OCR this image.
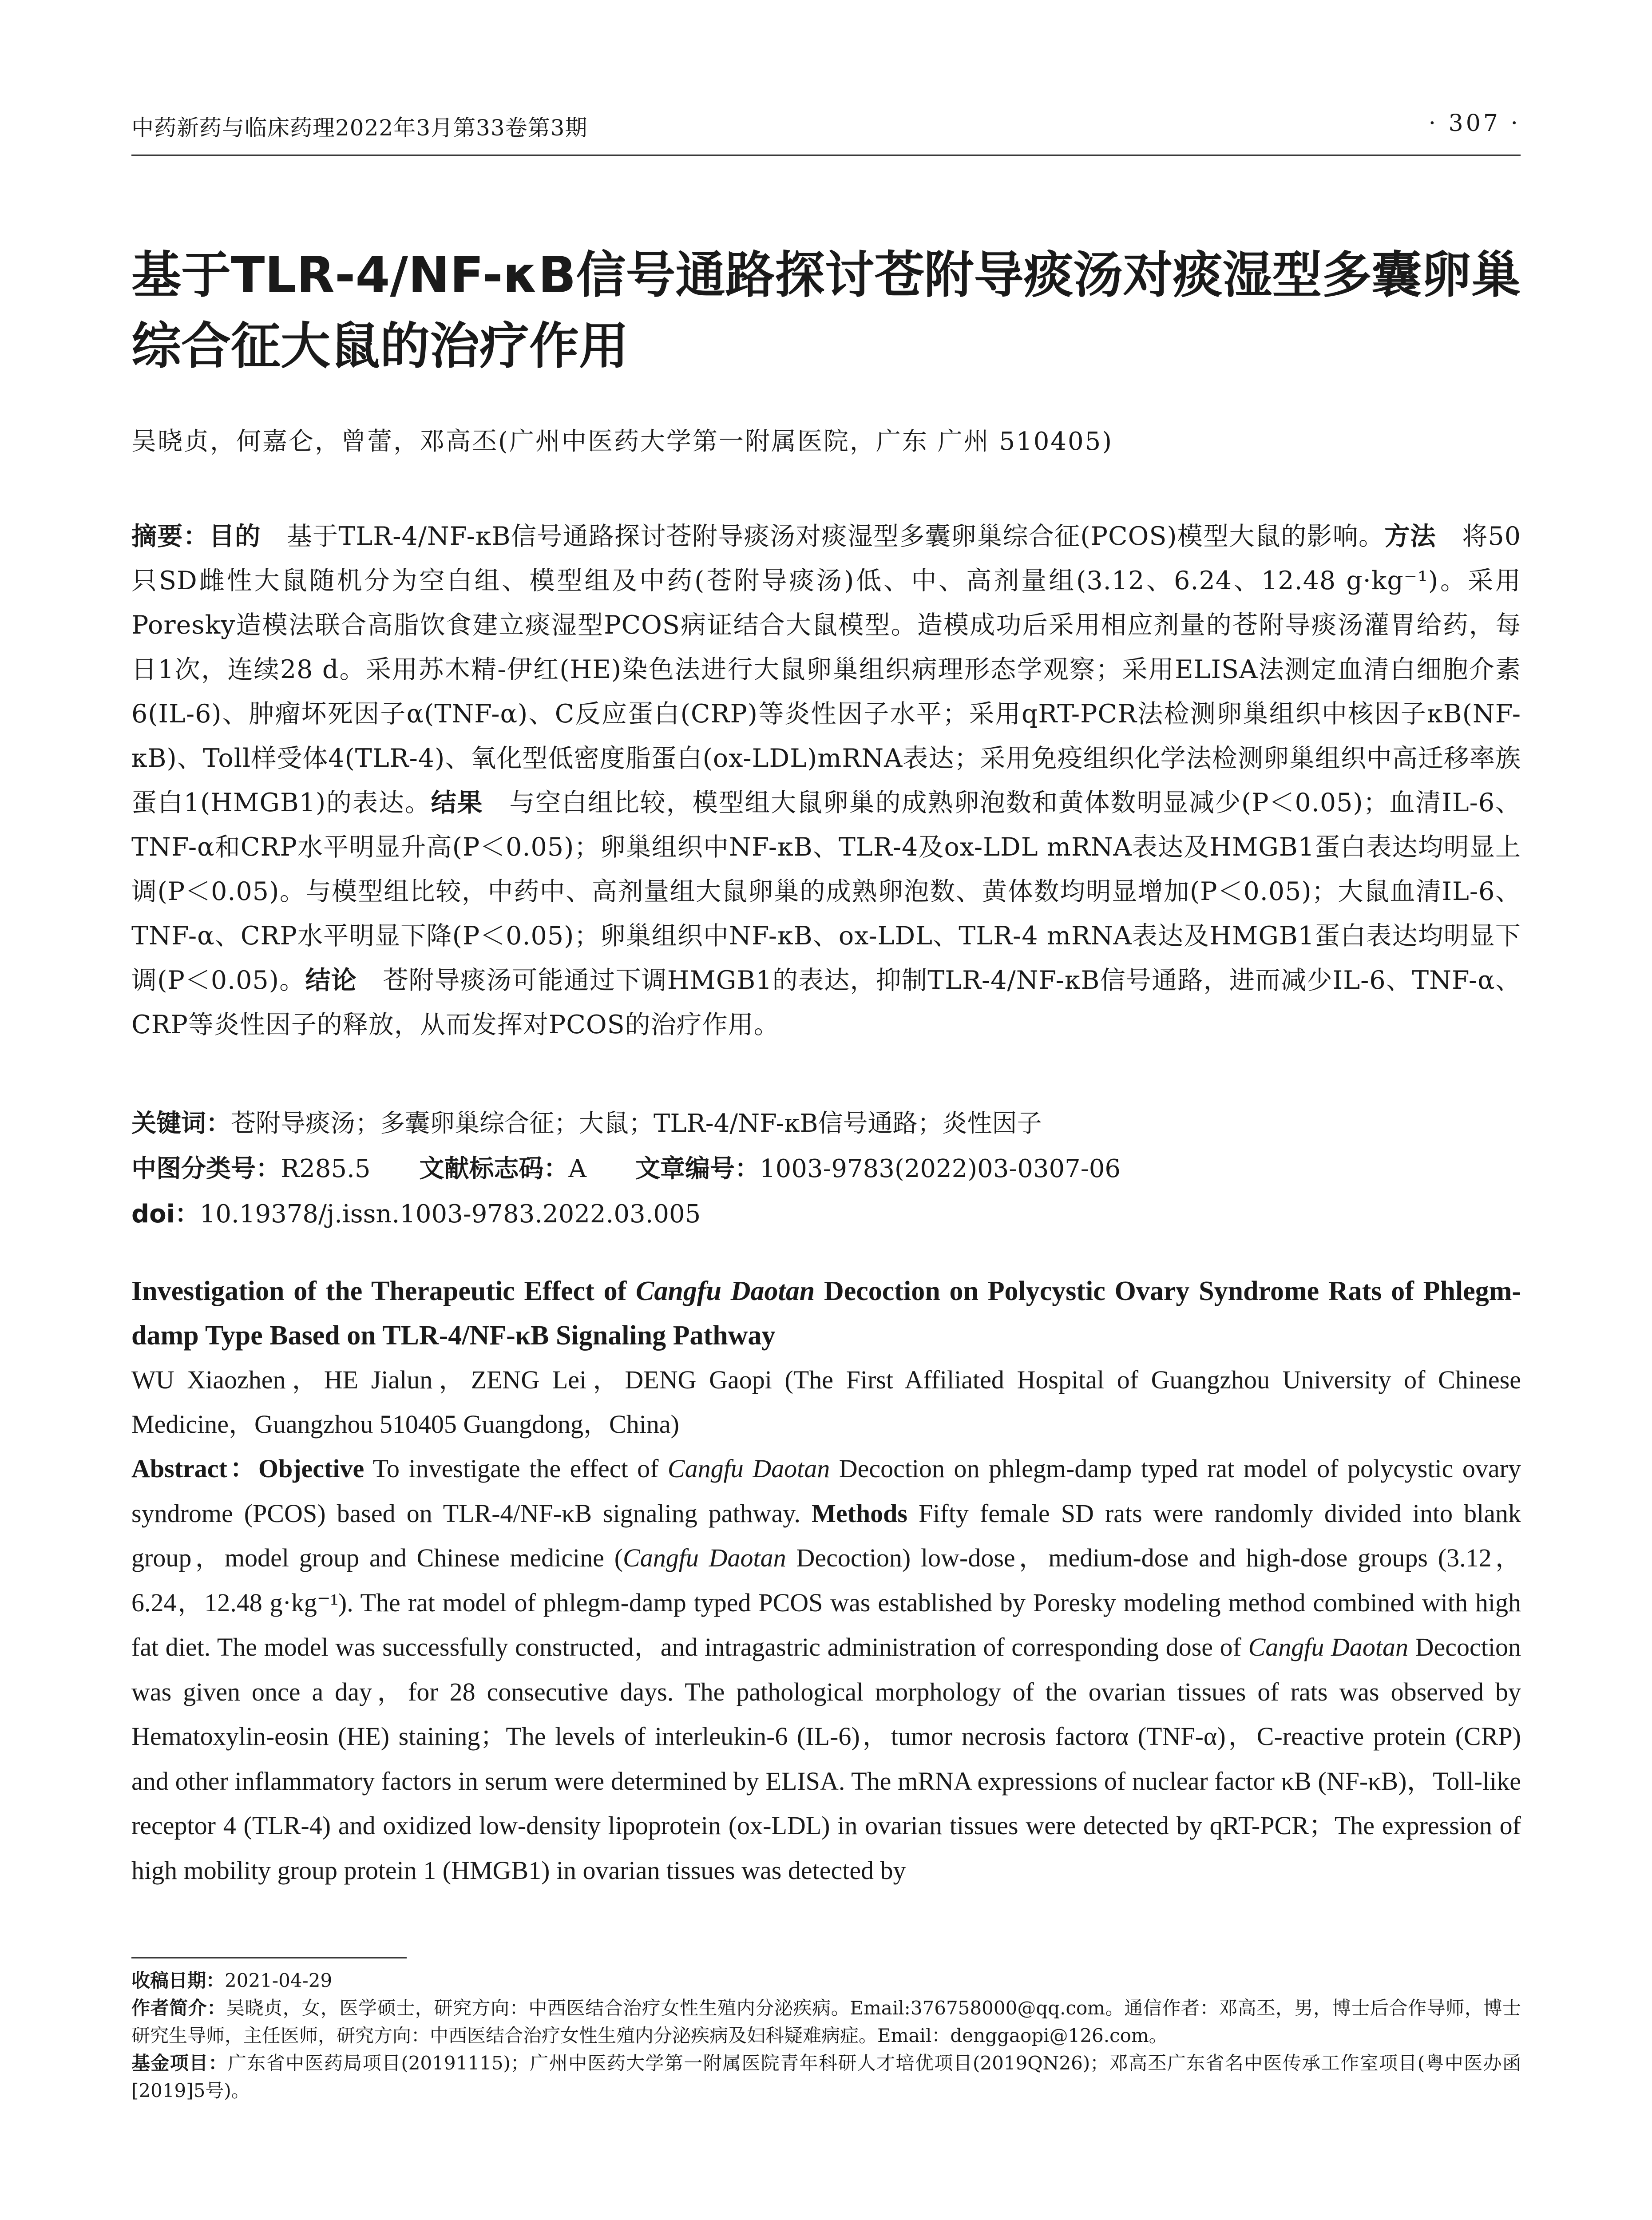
中药新药与临床药理2022年3月第33卷第3期	· 307 ·
基于TLR-4/NF-κB信号通路探讨苍附导痰汤对痰湿型多囊卵巢综合征大鼠的治疗作用
吴晓贞，何嘉仑，曾蕾，邓高丕(广州中医药大学第一附属医院，广东 广州 510405)
摘要：目的  基于TLR-4/NF-κB信号通路探讨苍附导痰汤对痰湿型多囊卵巢综合征(PCOS)模型大鼠的影响。方法  将50只SD雌性大鼠随机分为空白组、模型组及中药(苍附导痰汤)低、中、高剂量组(3.12、6.24、12.48 g·kg⁻¹)。采用Poresky造模法联合高脂饮食建立痰湿型PCOS病证结合大鼠模型。造模成功后采用相应剂量的苍附导痰汤灌胃给药，每日1次，连续28 d。采用苏木精-伊红(HE)染色法进行大鼠卵巢组织病理形态学观察；采用ELISA法测定血清白细胞介素6(IL-6)、肿瘤坏死因子α(TNF-α)、C反应蛋白(CRP)等炎性因子水平；采用qRT-PCR法检测卵巢组织中核因子κB(NF-κB)、Toll样受体4(TLR-4)、氧化型低密度脂蛋白(ox-LDL)mRNA表达；采用免疫组织化学法检测卵巢组织中高迁移率族蛋白1(HMGB1)的表达。结果  与空白组比较，模型组大鼠卵巢的成熟卵泡数和黄体数明显减少(P＜0.05)；血清IL-6、TNF-α和CRP水平明显升高(P＜0.05)；卵巢组织中NF-κB、TLR-4及ox-LDL mRNA表达及HMGB1蛋白表达均明显上调(P＜0.05)。与模型组比较，中药中、高剂量组大鼠卵巢的成熟卵泡数、黄体数均明显增加(P＜0.05)；大鼠血清IL-6、TNF-α、CRP水平明显下降(P＜0.05)；卵巢组织中NF-κB、ox-LDL、TLR-4 mRNA表达及HMGB1蛋白表达均明显下调(P＜0.05)。结论  苍附导痰汤可能通过下调HMGB1的表达，抑制TLR-4/NF-κB信号通路，进而减少IL-6、TNF-α、CRP等炎性因子的释放，从而发挥对PCOS的治疗作用。
关键词：苍附导痰汤；多囊卵巢综合征；大鼠；TLR-4/NF-κB信号通路；炎性因子
中图分类号：R285.5 文献标志码：A 文章编号：1003-9783(2022)03-0307-06
doi：10.19378/j.issn.1003-9783.2022.03.005
Investigation of the Therapeutic Effect of Cangfu Daotan Decoction on Polycystic Ovary Syndrome Rats of Phlegm-damp Type Based on TLR-4/NF-κB Signaling Pathway
WU Xiaozhen，HE Jialun，ZENG Lei，DENG Gaopi (The First Affiliated Hospital of Guangzhou University of Chinese Medicine，Guangzhou 510405 Guangdong，China)
Abstract：Objective To investigate the effect of Cangfu Daotan Decoction on phlegm-damp typed rat model of polycystic ovary syndrome (PCOS) based on TLR-4/NF-κB signaling pathway. Methods Fifty female SD rats were randomly divided into blank group，model group and Chinese medicine (Cangfu Daotan Decoction) low-dose，medium-dose and high-dose groups (3.12，6.24，12.48 g·kg⁻¹). The rat model of phlegm-damp typed PCOS was established by Poresky modeling method combined with high fat diet. The model was successfully constructed，and intragastric administration of corresponding dose of Cangfu Daotan Decoction was given once a day，for 28 consecutive days. The pathological morphology of the ovarian tissues of rats was observed by Hematoxylin-eosin (HE) staining；The levels of interleukin-6 (IL-6)，tumor necrosis factorα (TNF-α)，C-reactive protein (CRP) and other inflammatory factors in serum were determined by ELISA. The mRNA expressions of nuclear factor κB (NF-κB)，Toll-like receptor 4 (TLR-4) and oxidized low-density lipoprotein (ox-LDL) in ovarian tissues were detected by qRT-PCR；The expression of high mobility group protein 1 (HMGB1) in ovarian tissues was detected by

收稿日期：2021-04-29

作者简介：吴晓贞，女，医学硕士，研究方向：中西医结合治疗女性生殖内分泌疾病。Email:376758000@qq.com。通信作者：邓高丕，男，博士后合作导师，博士研究生导师，主任医师，研究方向：中西医结合治疗女性生殖内分泌疾病及妇科疑难病症。Email：denggaopi@126.com。

基金项目：广东省中医药局项目(20191115)；广州中医药大学第一附属医院青年科研人才培优项目(2019QN26)；邓高丕广东省名中医传承工作室项目(粤中医办函[2019]5号)。
